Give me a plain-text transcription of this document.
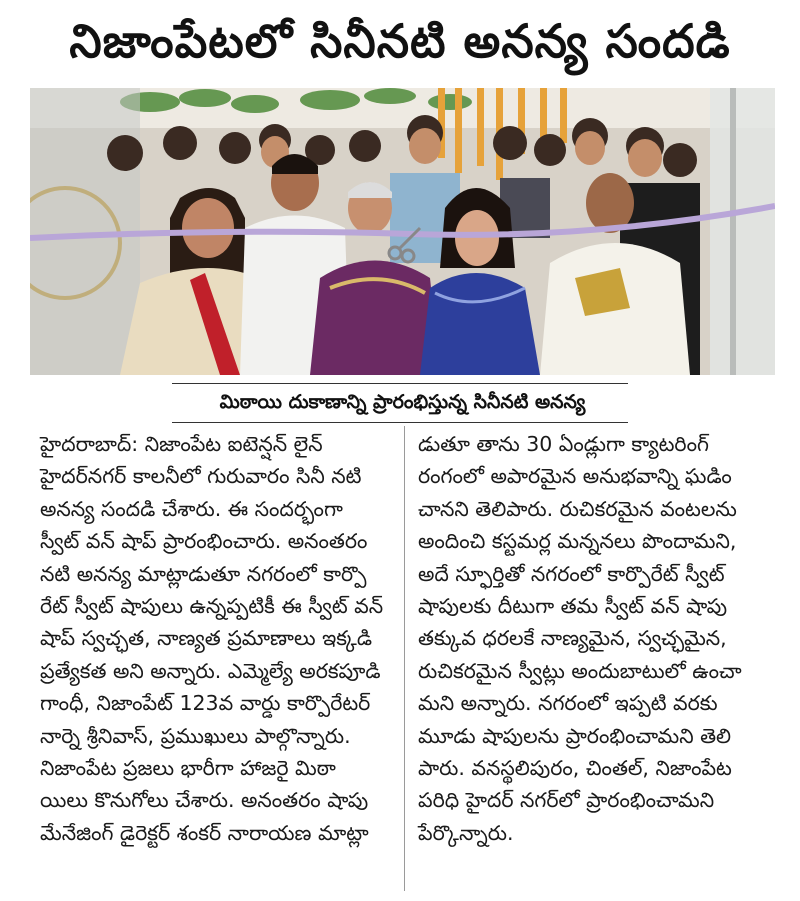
నిజాంపేటలో సినీనటి అనన్య సందడి
మిఠాయి దుకాణాన్ని ప్రారంభిస్తున్న సినీనటి అనన్య
హైదరాబాద్: నిజాంపేట ఐటెన్షన్ లైన్
హైదర్‌నగర్ కాలనీలో గురువారం సినీ నటి
అనన్య సందడి చేశారు. ఈ సందర్భంగా
స్వీట్ వన్ షాప్ ప్రారంభించారు. అనంతరం
నటి అనన్య మాట్లాడుతూ నగరంలో కార్పొ
రేట్ స్వీట్ షాపులు ఉన్నప్పటికీ ఈ స్వీట్ వన్
షాప్ స్వచ్ఛత, నాణ్యత ప్రమాణాలు ఇక్కడి
ప్రత్యేకత అని అన్నారు. ఎమ్మెల్యే అరకపూడి
గాంధీ, నిజాంపేట్ 123వ వార్డు కార్పొరేటర్
నార్నె శ్రీనివాస్, ప్రముఖులు పాల్గొన్నారు.
నిజాంపేట ప్రజలు భారీగా హాజరై మిఠా
యిలు కొనుగోలు చేశారు. అనంతరం షాపు
మేనేజింగ్ డైరెక్టర్ శంకర్ నారాయణ మాట్లా
డుతూ తాను 30 ఏండ్లుగా క్యాటరింగ్
రంగంలో అపారమైన అనుభవాన్ని ఘడిం
చానని తెలిపారు. రుచికరమైన వంటలను
అందించి కస్టమర్ల మన్ననలు పొందామని,
అదే స్ఫూర్తితో నగరంలో కార్పొరేట్ స్వీట్
షాపులకు దీటుగా తమ స్వీట్ వన్ షాపు
తక్కువ ధరలకే నాణ్యమైన, స్వచ్ఛమైన,
రుచికరమైన స్వీట్లు అందుబాటులో ఉంచా
మని అన్నారు. నగరంలో ఇప్పటి వరకు
మూడు షాపులను ప్రారంభించామని తెలి
పారు. వనస్థలిపురం, చింతల్, నిజాంపేట
పరిధి హైదర్ నగర్‌లో ప్రారంభించామని
పేర్కొన్నారు.
